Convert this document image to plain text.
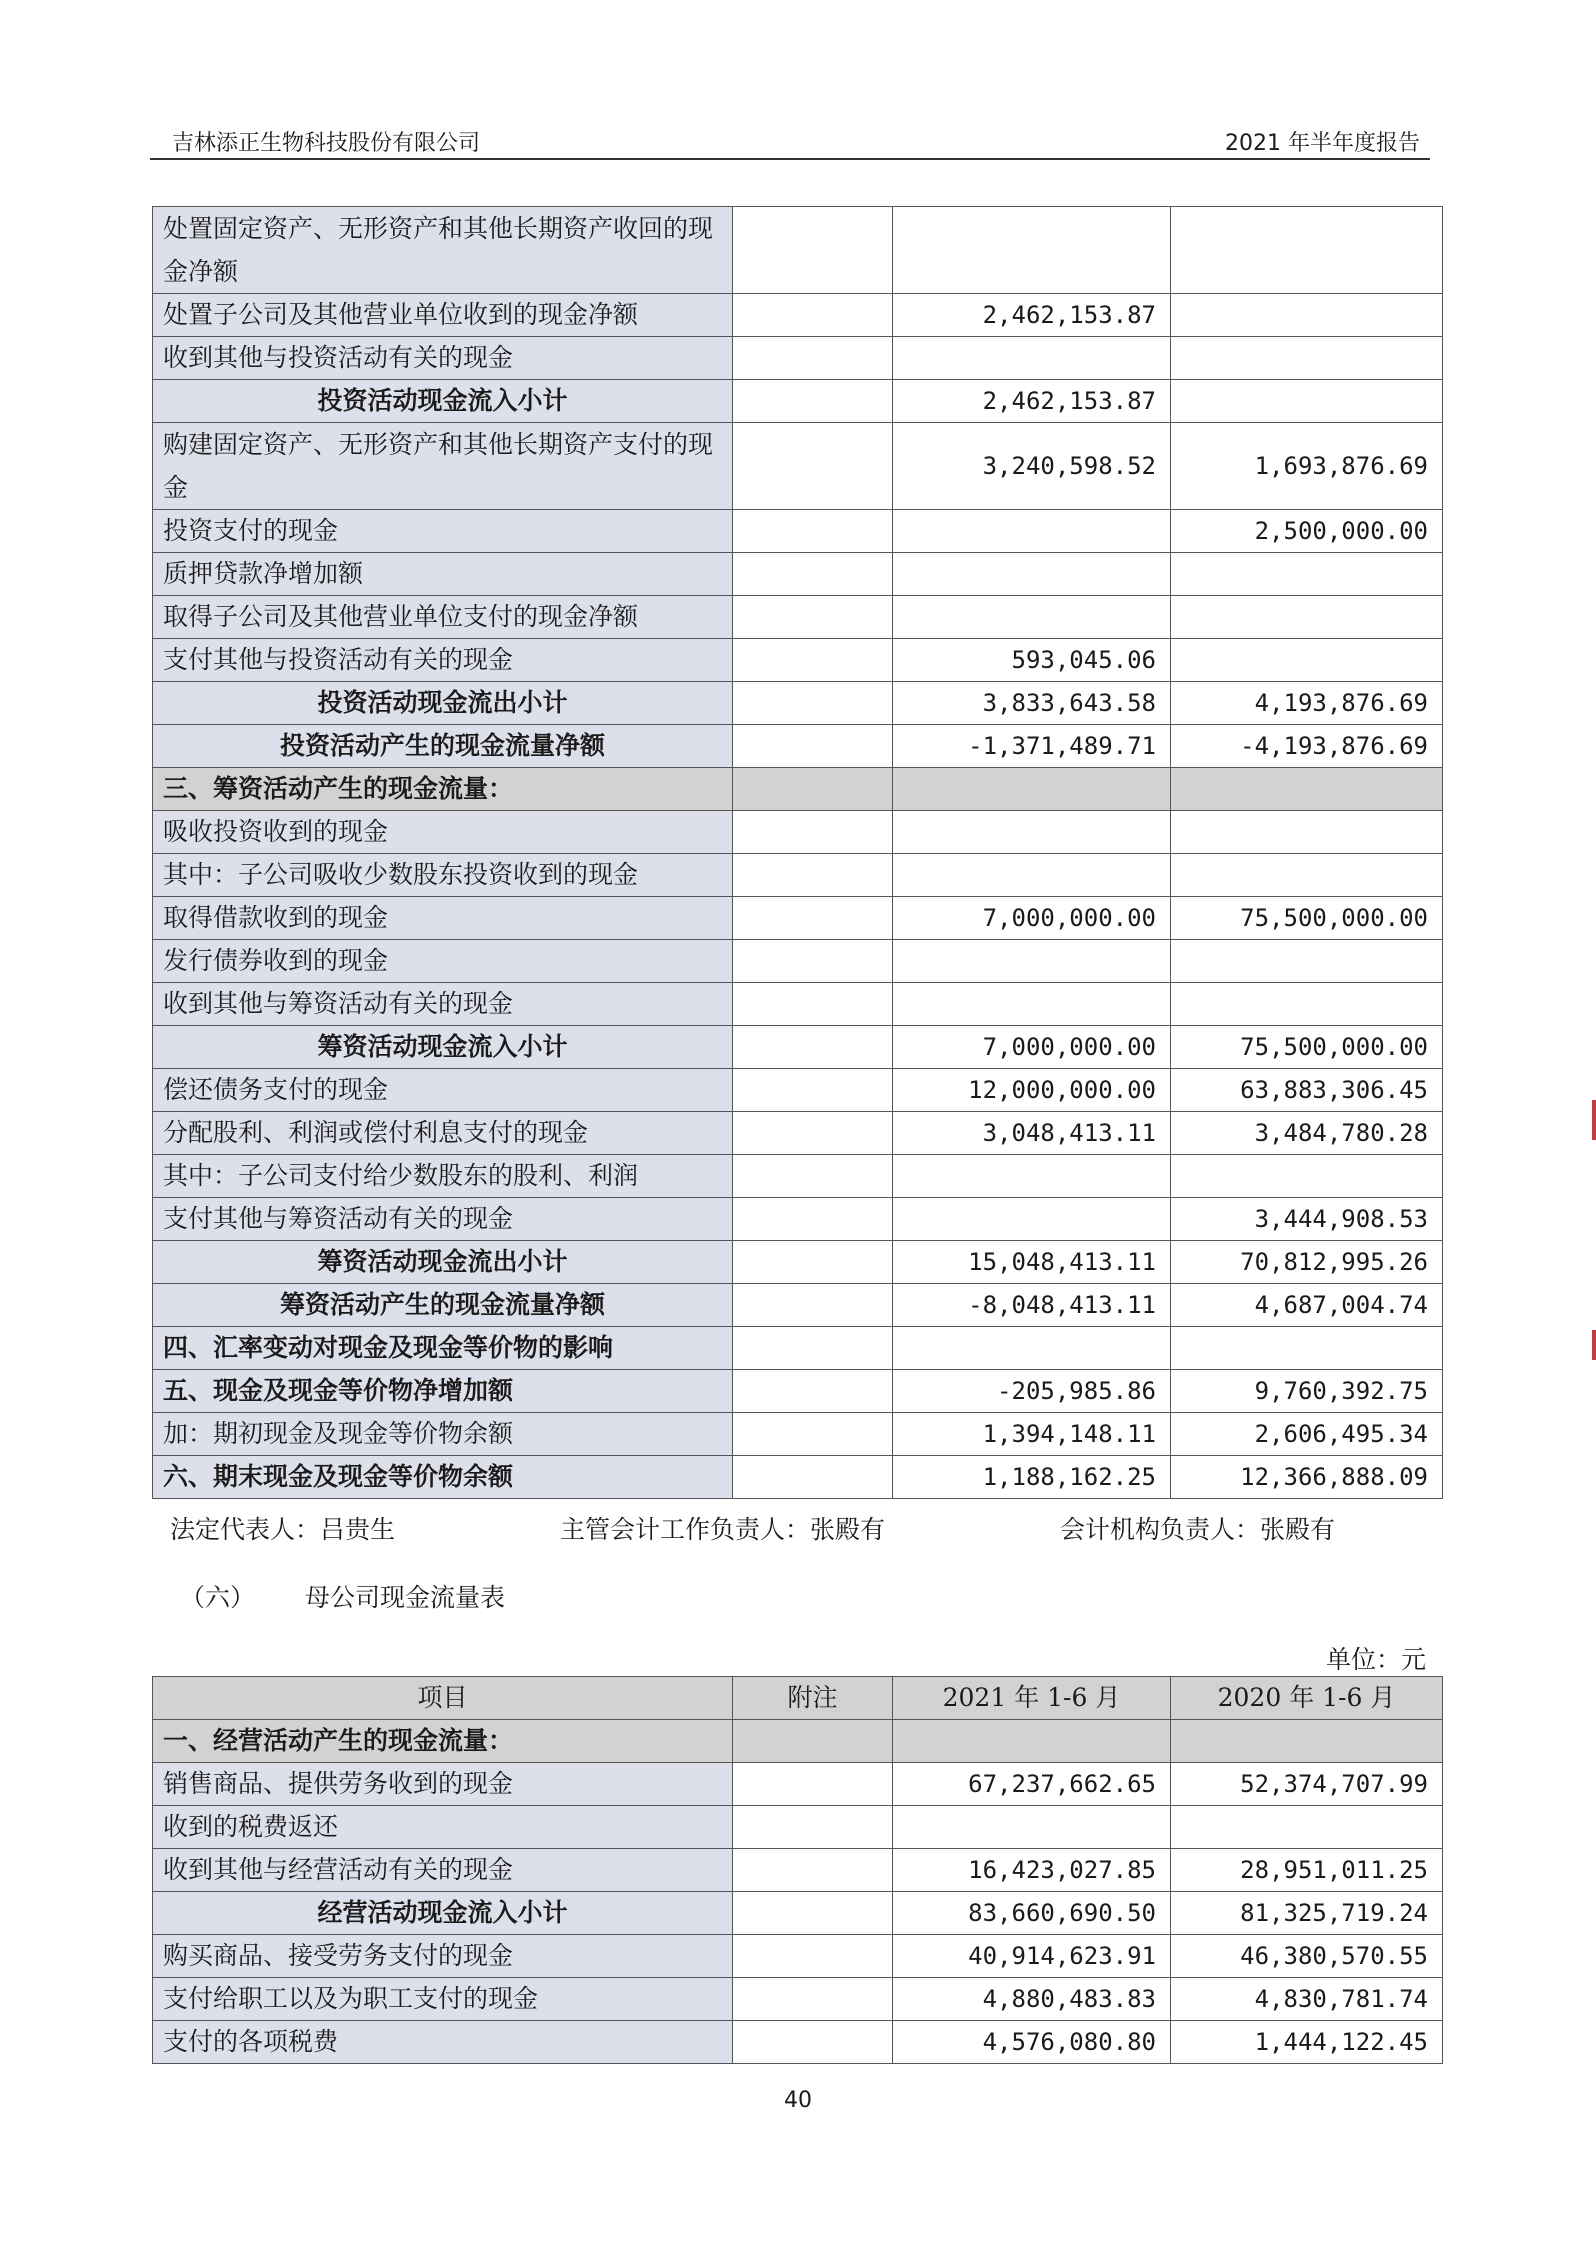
吉林添正生物科技股份有限公司	2021 年半年度报告
处置固定资产、无形资产和其他长期资产收回的现金净额			
处置子公司及其他营业单位收到的现金净额		2,462,153.87	
收到其他与投资活动有关的现金			
投资活动现金流入小计		2,462,153.87	
购建固定资产、无形资产和其他长期资产支付的现金		3,240,598.52	1,693,876.69
投资支付的现金			2,500,000.00
质押贷款净增加额			
取得子公司及其他营业单位支付的现金净额			
支付其他与投资活动有关的现金		593,045.06	
投资活动现金流出小计		3,833,643.58	4,193,876.69
投资活动产生的现金流量净额		-1,371,489.71	-4,193,876.69
三、筹资活动产生的现金流量：			
吸收投资收到的现金			
其中：子公司吸收少数股东投资收到的现金			
取得借款收到的现金		7,000,000.00	75,500,000.00
发行债券收到的现金			
收到其他与筹资活动有关的现金			
筹资活动现金流入小计		7,000,000.00	75,500,000.00
偿还债务支付的现金		12,000,000.00	63,883,306.45
分配股利、利润或偿付利息支付的现金		3,048,413.11	3,484,780.28
其中：子公司支付给少数股东的股利、利润			
支付其他与筹资活动有关的现金			3,444,908.53
筹资活动现金流出小计		15,048,413.11	70,812,995.26
筹资活动产生的现金流量净额		-8,048,413.11	4,687,004.74
四、汇率变动对现金及现金等价物的影响			
五、现金及现金等价物净增加额		-205,985.86	9,760,392.75
加：期初现金及现金等价物余额		1,394,148.11	2,606,495.34
六、期末现金及现金等价物余额		1,188,162.25	12,366,888.09
法定代表人：吕贵生	主管会计工作负责人：张殿有	会计机构负责人：张殿有
（六） 母公司现金流量表
单位：元
项目	附注	2021 年 1-6 月	2020 年 1-6 月
一、经营活动产生的现金流量：			
销售商品、提供劳务收到的现金		67,237,662.65	52,374,707.99
收到的税费返还			
收到其他与经营活动有关的现金		16,423,027.85	28,951,011.25
经营活动现金流入小计		83,660,690.50	81,325,719.24
购买商品、接受劳务支付的现金		40,914,623.91	46,380,570.55
支付给职工以及为职工支付的现金		4,880,483.83	4,830,781.74
支付的各项税费		4,576,080.80	1,444,122.45
40
